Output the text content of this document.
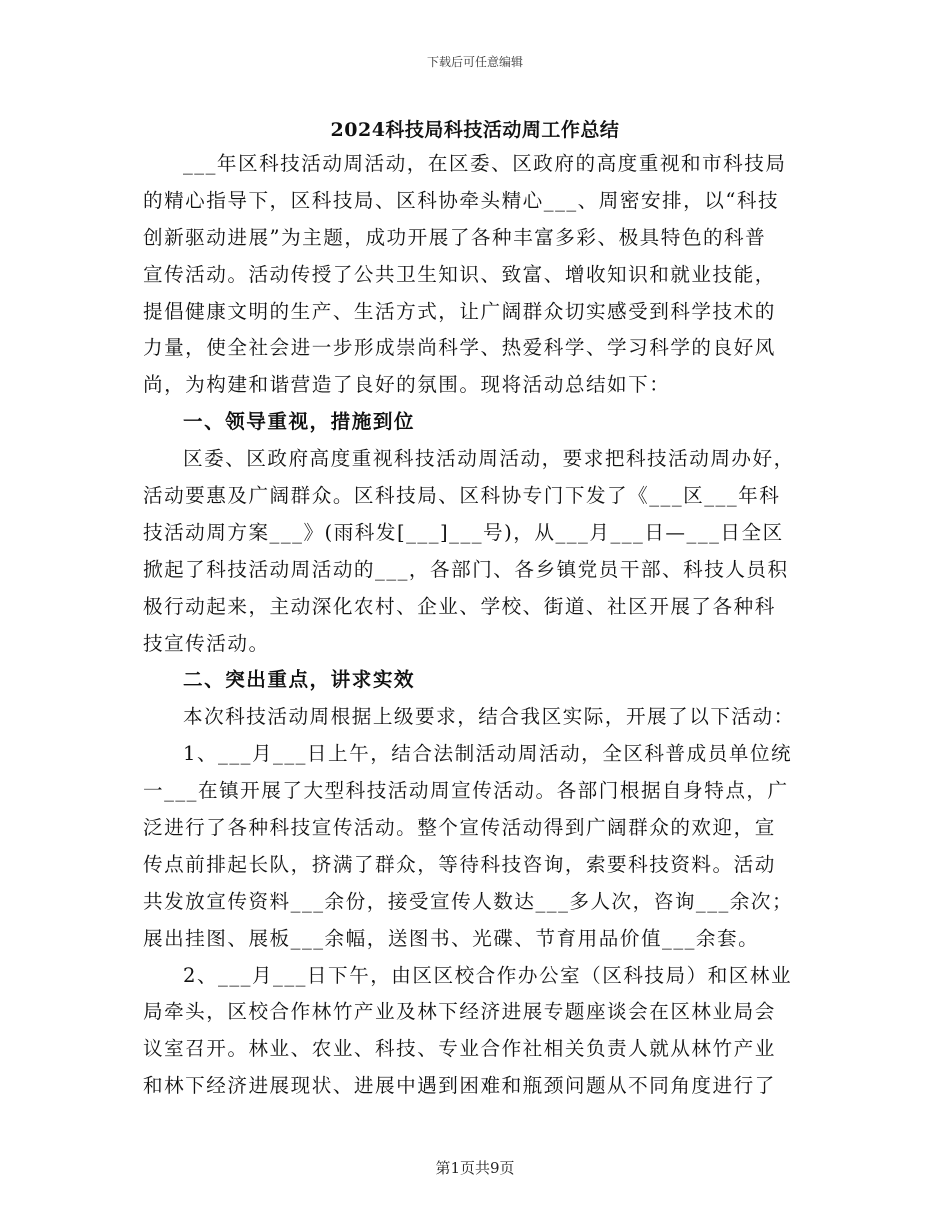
下载后可任意编辑
2024科技局科技活动周工作总结
___年区科技活动周活动，在区委、区政府的高度重视和市科技局
的精心指导下，区科技局、区科协牵头精心___、周密安排，以“科技
创新驱动进展”为主题，成功开展了各种丰富多彩、极具特色的科普
宣传活动。活动传授了公共卫生知识、致富、增收知识和就业技能，
提倡健康文明的生产、生活方式，让广阔群众切实感受到科学技术的
力量，使全社会进一步形成崇尚科学、热爱科学、学习科学的良好风
尚，为构建和谐营造了良好的氛围。现将活动总结如下：
一、领导重视，措施到位
区委、区政府高度重视科技活动周活动，要求把科技活动周办好，
活动要惠及广阔群众。区科技局、区科协专门下发了《___区___年科
技活动周方案___》(雨科发[___]___号)，从___月___日—___日全区
掀起了科技活动周活动的___，各部门、各乡镇党员干部、科技人员积
极行动起来，主动深化农村、企业、学校、街道、社区开展了各种科
技宣传活动。
二、突出重点，讲求实效
本次科技活动周根据上级要求，结合我区实际，开展了以下活动：
1、___月___日上午，结合法制活动周活动，全区科普成员单位统
一___在镇开展了大型科技活动周宣传活动。各部门根据自身特点，广
泛进行了各种科技宣传活动。整个宣传活动得到广阔群众的欢迎，宣
传点前排起长队，挤满了群众，等待科技咨询，索要科技资料。活动
共发放宣传资料___余份，接受宣传人数达___多人次，咨询___余次；
展出挂图、展板___余幅，送图书、光碟、节育用品价值___余套。
2、___月___日下午，由区区校合作办公室（区科技局）和区林业
局牵头，区校合作林竹产业及林下经济进展专题座谈会在区林业局会
议室召开。林业、农业、科技、专业合作社相关负责人就从林竹产业
和林下经济进展现状、进展中遇到困难和瓶颈问题从不同角度进行了
第1页共9页
